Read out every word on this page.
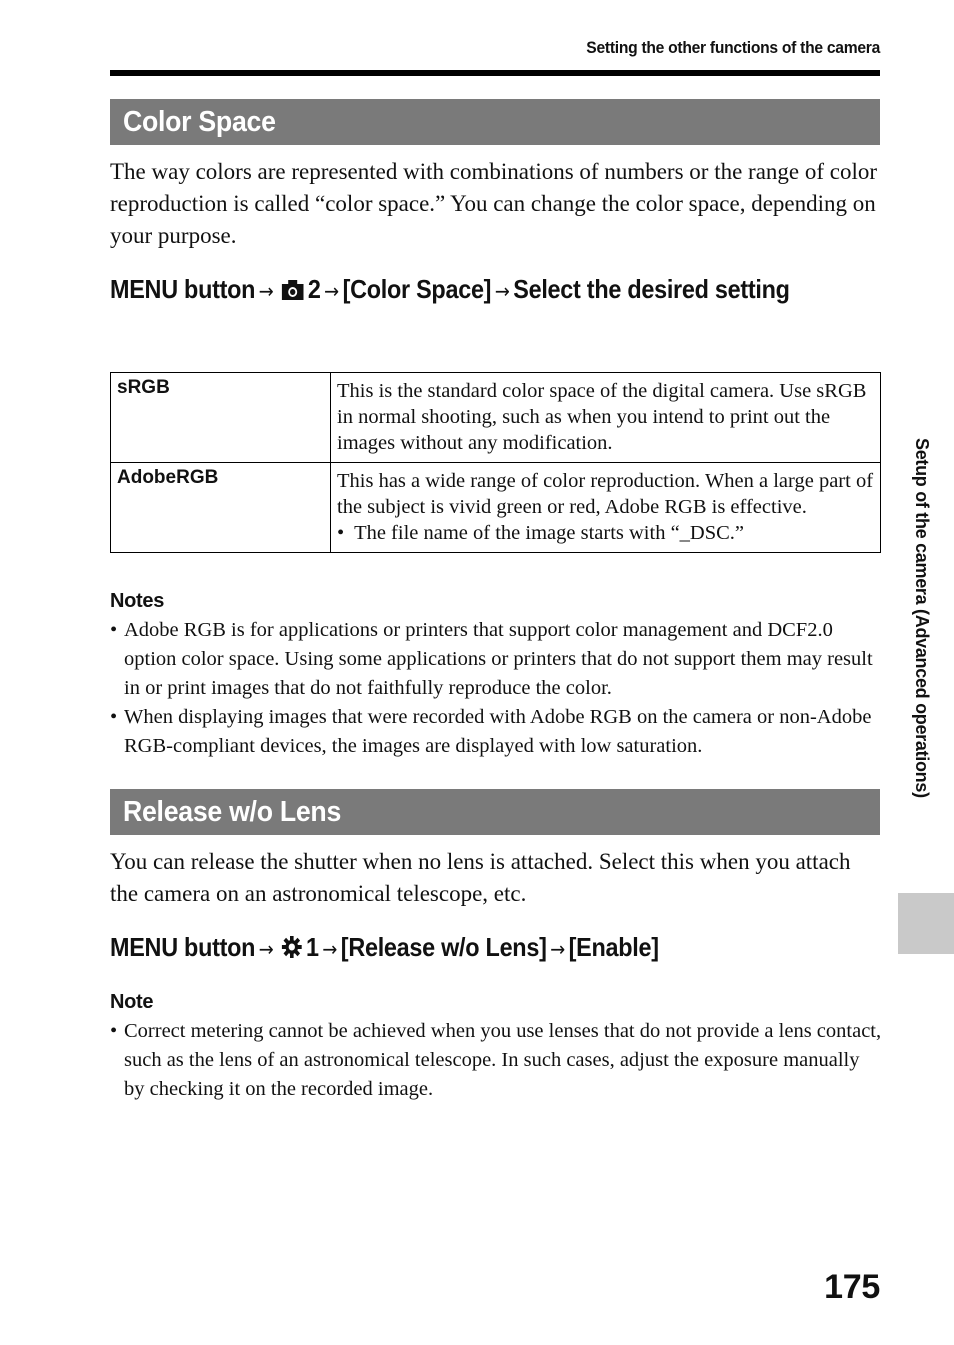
Setting the other functions of the camera
Color Space
The way colors are represented with combinations of numbers or the range of color reproduction is called “color space.” You can change the color space, depending on your purpose.
MENU button → 2 → [Color Space] → Select the desired setting
sRGB	This is the standard color space of the digital camera. Use sRGB in normal shooting, such as when you intend to print out the images without any modification.

AdobeRGB	This has a wide range of color reproduction. When a large part of the subject is vivid green or red, Adobe RGB is effective.
•  The file name of the image starts with “_DSC.”
Notes
• Adobe RGB is for applications or printers that support color management and DCF2.0 option color space. Using some applications or printers that do not support them may result in or print images that do not faithfully reproduce the color.
• When displaying images that were recorded with Adobe RGB on the camera or non-Adobe RGB-compliant devices, the images are displayed with low saturation.
Release w/o Lens
You can release the shutter when no lens is attached. Select this when you attach the camera on an astronomical telescope, etc.
MENU button → 1 → [Release w/o Lens] → [Enable]
Note
• Correct metering cannot be achieved when you use lenses that do not provide a lens contact, such as the lens of an astronomical telescope. In such cases, adjust the exposure manually by checking it on the recorded image.
Setup of the camera (Advanced operations)
175
